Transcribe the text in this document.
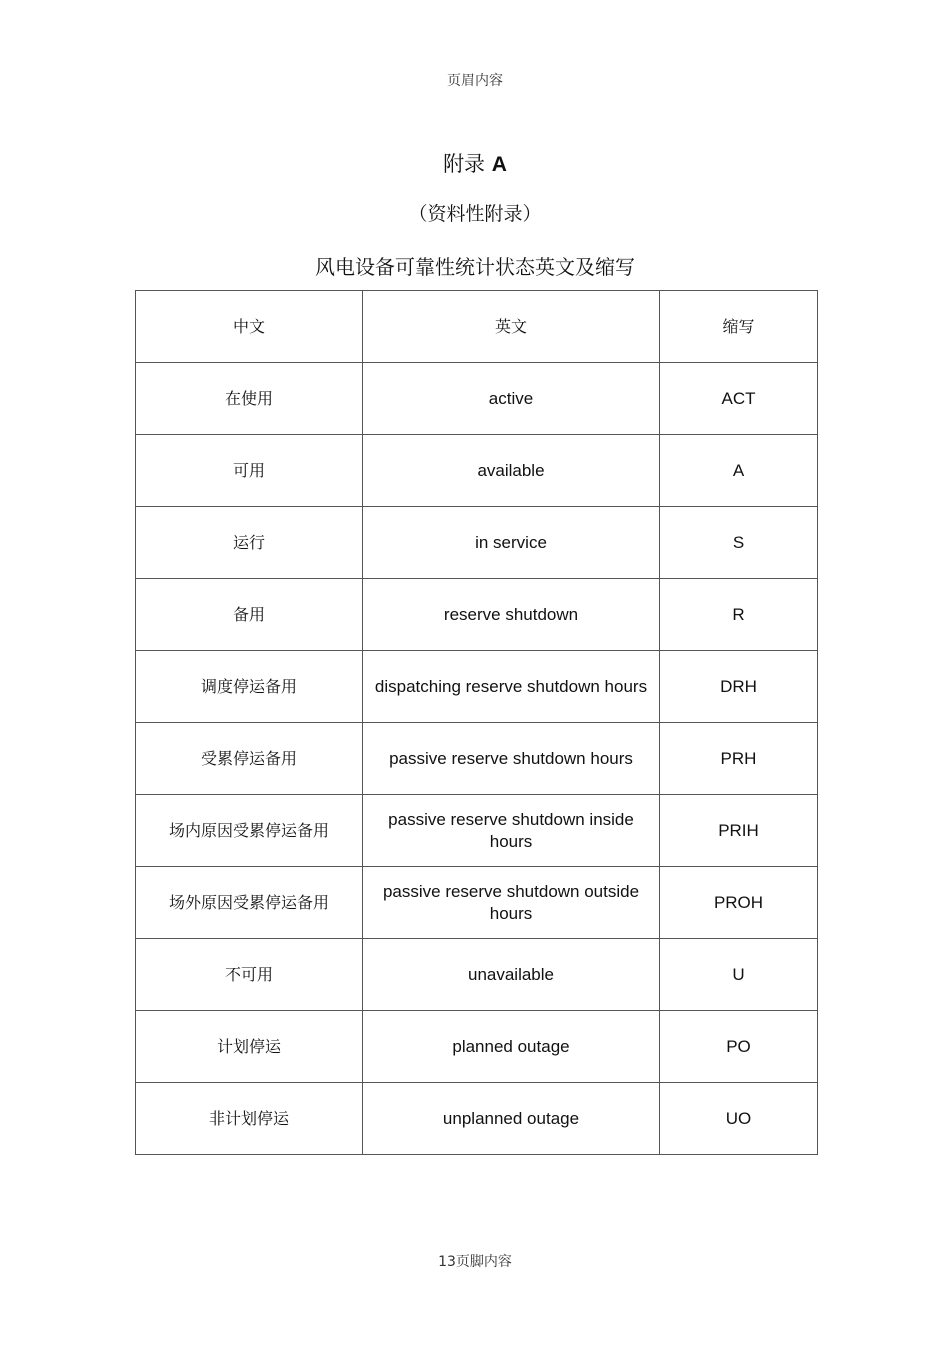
页眉内容
附录 A
（资料性附录）
风电设备可靠性统计状态英文及缩写
中文	英文	缩写
在使用	active	ACT
可用	available	A
运行	in service	S
备用	reserve shutdown	R
调度停运备用	dispatching reserve shutdown hours	DRH
受累停运备用	passive reserve shutdown hours	PRH
场内原因受累停运备用	passive reserve shutdown inside hours	PRIH
场外原因受累停运备用	passive reserve shutdown outside hours	PROH
不可用	unavailable	U
计划停运	planned outage	PO
非计划停运	unplanned outage	UO
13页脚内容
